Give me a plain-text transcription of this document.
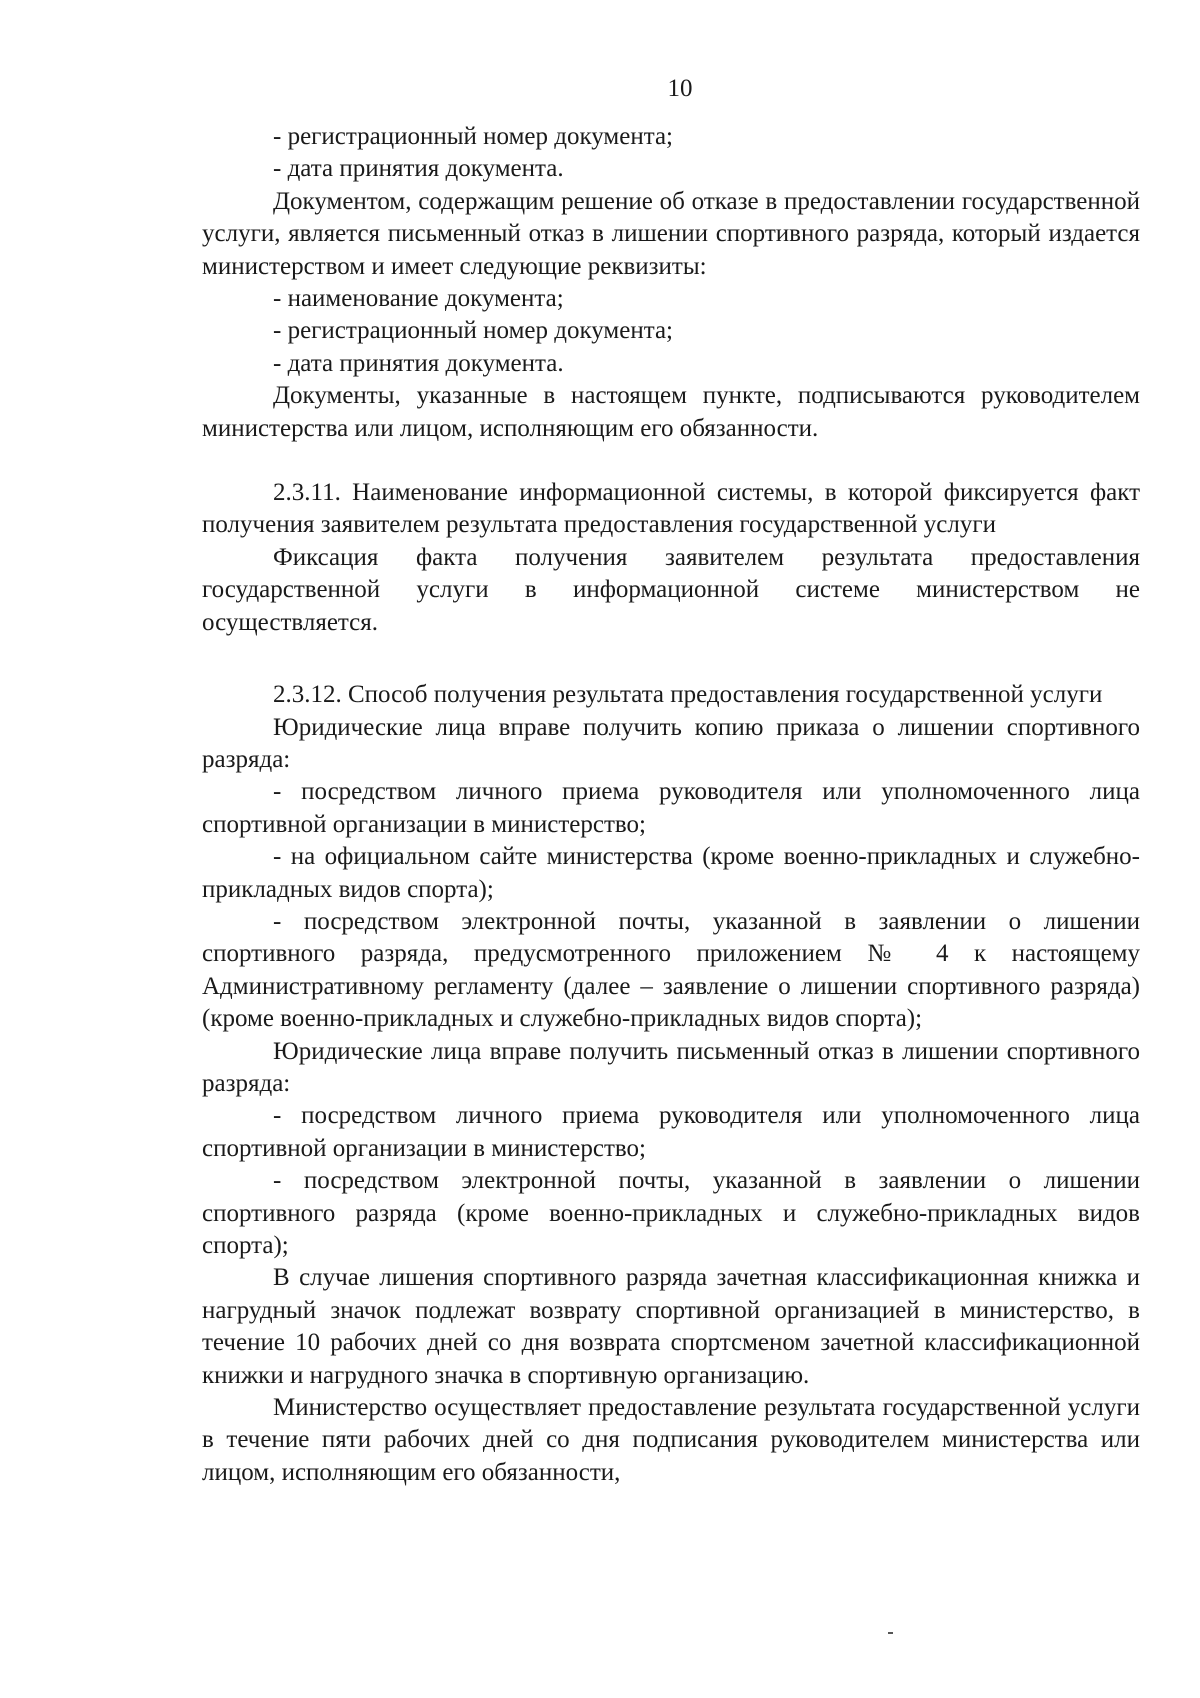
10

- регистрационный номер документа;

- дата принятия документа.

Документом, содержащим решение об отказе в предоставлении государственной услуги, является письменный отказ в лишении спортивного разряда, который издается министерством и имеет следующие реквизиты:

- наименование документа;

- регистрационный номер документа;

- дата принятия документа.

Документы, указанные в настоящем пункте, подписываются руководителем министерства или лицом, исполняющим его обязанности.

2.3.11. Наименование информационной системы, в которой фиксируется факт получения заявителем результата предоставления государственной услуги

Фиксация факта получения заявителем результата предоставления государственной услуги в информационной системе министерством не осуществляется.

2.3.12. Способ получения результата предоставления государственной услуги

Юридические лица вправе получить копию приказа о лишении спортивного разряда:

- посредством личного приема руководителя или уполномоченного лица спортивной организации в министерство;

- на официальном сайте министерства (кроме военно-прикладных и служебно-прикладных видов спорта);

- посредством электронной почты, указанной в заявлении о лишении спортивного разряда, предусмотренного приложением № 4 к настоящему Административному регламенту (далее – заявление о лишении спортивного разряда) (кроме военно-прикладных и служебно-прикладных видов спорта);

Юридические лица вправе получить письменный отказ в лишении спортивного разряда:

- посредством личного приема руководителя или уполномоченного лица спортивной организации в министерство;

- посредством электронной почты, указанной в заявлении о лишении спортивного разряда (кроме военно-прикладных и служебно-прикладных видов спорта);

В случае лишения спортивного разряда зачетная классификационная книжка и нагрудный значок подлежат возврату спортивной организацией в министерство, в течение 10 рабочих дней со дня возврата спортсменом зачетной классификационной книжки и нагрудного значка в спортивную организацию.

Министерство осуществляет предоставление результата государственной услуги в течение пяти рабочих дней со дня подписания руководителем министерства или лицом, исполняющим его обязанности,
